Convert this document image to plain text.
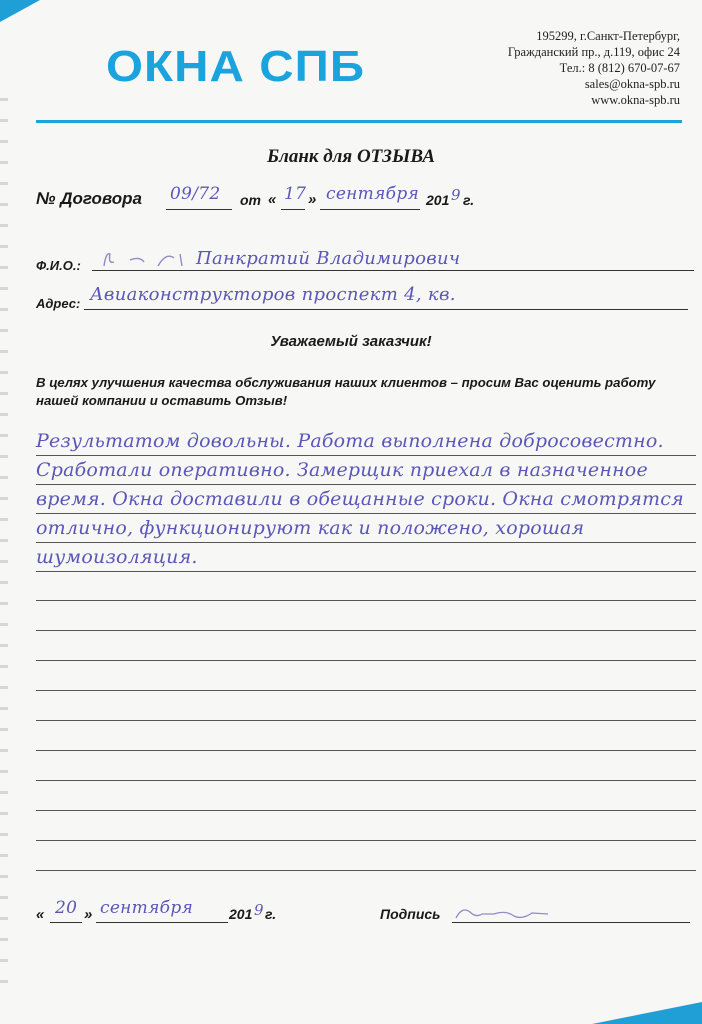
ОКНА СПБ
195299, г.Санкт-Петербург,
Гражданский пр., д.119, офис 24
Тел.: 8 (812) 670-07-67
sales@okna-spb.ru
www.okna-spb.ru
Бланк для ОТЗЫВА
№ Договора 09/72 от « 17 » сентября 201 9 г.
Ф.И.О.:	Панкратий Владимирович
Адрес: Авиаконструкторов проспект 4, кв.
Уважаемый заказчик!
В целях улучшения качества обслуживания наших клиентов – просим Вас оценить работу нашей компании и оставить Отзыв!
Результатом довольны. Работа выполнена добросовестно.
Сработали оперативно. Замерщик приехал в назначенное
время. Окна доставили в обещанные сроки. Окна смотрятся
отлично, функционируют как и положено, хорошая
шумоизоляция.
« 20 » сентября	201 9 г.	Подпись
